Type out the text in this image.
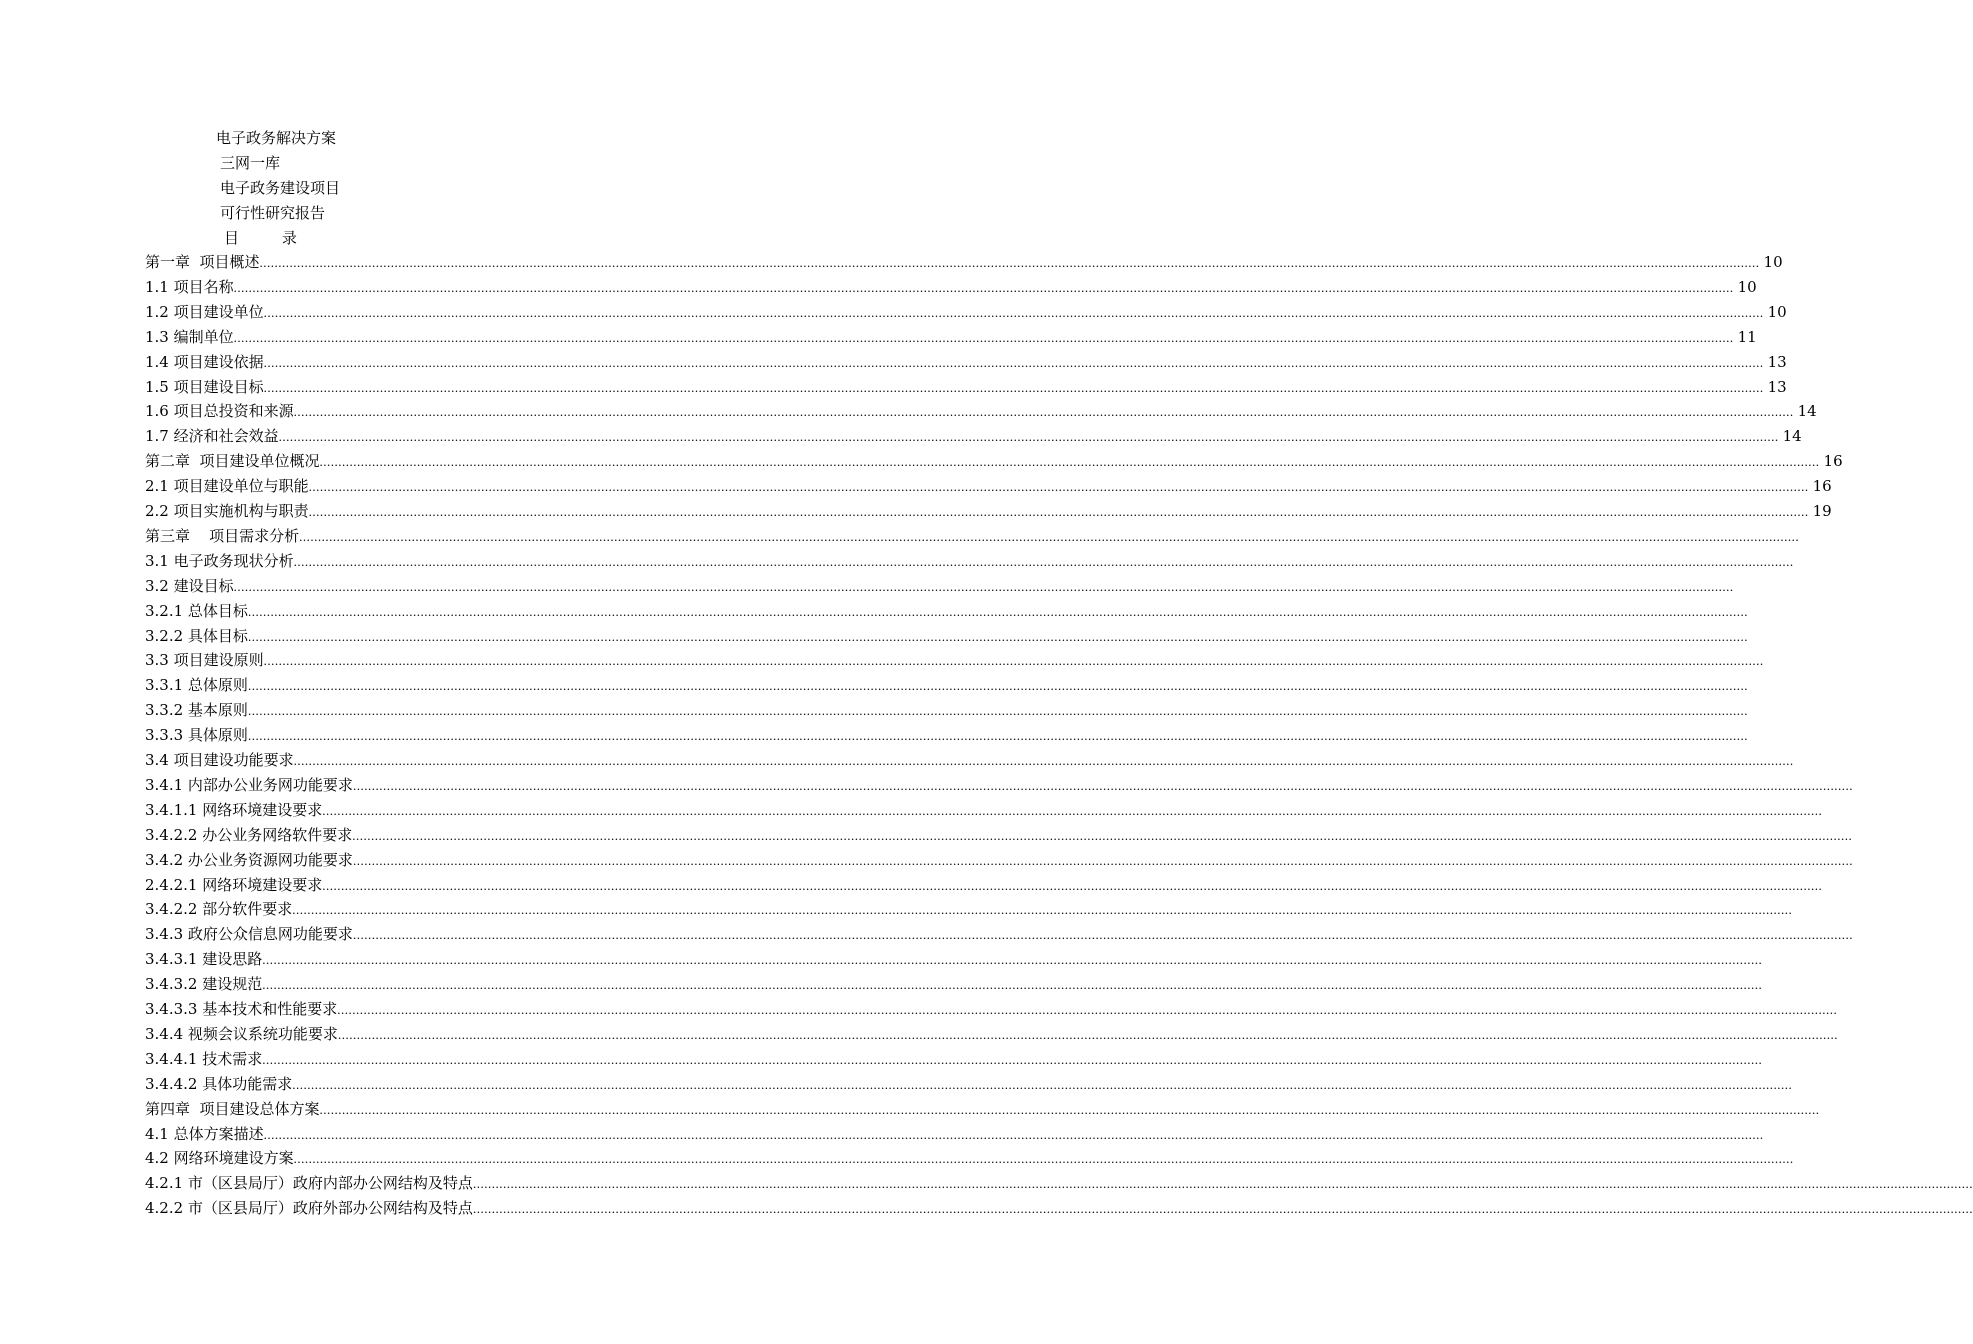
电子政务解决方案
三网一库
电子政务建设项目
可行性研究报告
目         录
第一章  项目概述 ................................................................................................................................................................................................................................................................................................................................................................................................................ 10
1.1 项目名称 ................................................................................................................................................................................................................................................................................................................................................................................................................ 10
1.2 项目建设单位 ................................................................................................................................................................................................................................................................................................................................................................................................................ 10
1.3 编制单位 ................................................................................................................................................................................................................................................................................................................................................................................................................ 11
1.4 项目建设依据 ................................................................................................................................................................................................................................................................................................................................................................................................................ 13
1.5 项目建设目标 ................................................................................................................................................................................................................................................................................................................................................................................................................ 13
1.6 项目总投资和来源 ................................................................................................................................................................................................................................................................................................................................................................................................................ 14
1.7 经济和社会效益 ................................................................................................................................................................................................................................................................................................................................................................................................................ 14
第二章  项目建设单位概况 ................................................................................................................................................................................................................................................................................................................................................................................................................ 16
2.1 项目建设单位与职能 ................................................................................................................................................................................................................................................................................................................................................................................................................ 16
2.2 项目实施机构与职责 ................................................................................................................................................................................................................................................................................................................................................................................................................ 19
第三章    项目需求分析 ................................................................................................................................................................................................................................................................................................................................................................................................................
3.1 电子政务现状分析 ................................................................................................................................................................................................................................................................................................................................................................................................................
3.2 建设目标 ................................................................................................................................................................................................................................................................................................................................................................................................................
3.2.1 总体目标 ................................................................................................................................................................................................................................................................................................................................................................................................................
3.2.2 具体目标 ................................................................................................................................................................................................................................................................................................................................................................................................................
3.3 项目建设原则 ................................................................................................................................................................................................................................................................................................................................................................................................................
3.3.1 总体原则 ................................................................................................................................................................................................................................................................................................................................................................................................................
3.3.2 基本原则 ................................................................................................................................................................................................................................................................................................................................................................................................................
3.3.3 具体原则 ................................................................................................................................................................................................................................................................................................................................................................................................................
3.4 项目建设功能要求 ................................................................................................................................................................................................................................................................................................................................................................................................................
3.4.1 内部办公业务网功能要求 ................................................................................................................................................................................................................................................................................................................................................................................................................
3.4.1.1 网络环境建设要求 ................................................................................................................................................................................................................................................................................................................................................................................................................
3.4.2.2 办公业务网络软件要求 ................................................................................................................................................................................................................................................................................................................................................................................................................
3.4.2 办公业务资源网功能要求 ................................................................................................................................................................................................................................................................................................................................................................................................................
2.4.2.1 网络环境建设要求 ................................................................................................................................................................................................................................................................................................................................................................................................................
3.4.2.2 部分软件要求 ................................................................................................................................................................................................................................................................................................................................................................................................................
3.4.3 政府公众信息网功能要求 ................................................................................................................................................................................................................................................................................................................................................................................................................
3.4.3.1 建设思路 ................................................................................................................................................................................................................................................................................................................................................................................................................
3.4.3.2 建设规范 ................................................................................................................................................................................................................................................................................................................................................................................................................
3.4.3.3 基本技术和性能要求 ................................................................................................................................................................................................................................................................................................................................................................................................................
3.4.4 视频会议系统功能要求 ................................................................................................................................................................................................................................................................................................................................................................................................................
3.4.4.1 技术需求 ................................................................................................................................................................................................................................................................................................................................................................................................................
3.4.4.2 具体功能需求 ................................................................................................................................................................................................................................................................................................................................................................................................................
第四章  项目建设总体方案 ................................................................................................................................................................................................................................................................................................................................................................................................................
4.1 总体方案描述 ................................................................................................................................................................................................................................................................................................................................................................................................................
4.2 网络环境建设方案 ................................................................................................................................................................................................................................................................................................................................................................................................................
4.2.1 市（区县局厅）政府内部办公网结构及特点 ................................................................................................................................................................................................................................................................................................................................................................................................................
4.2.2 市（区县局厅）政府外部办公网结构及特点 ................................................................................................................................................................................................................................................................................................................................................................................................................
